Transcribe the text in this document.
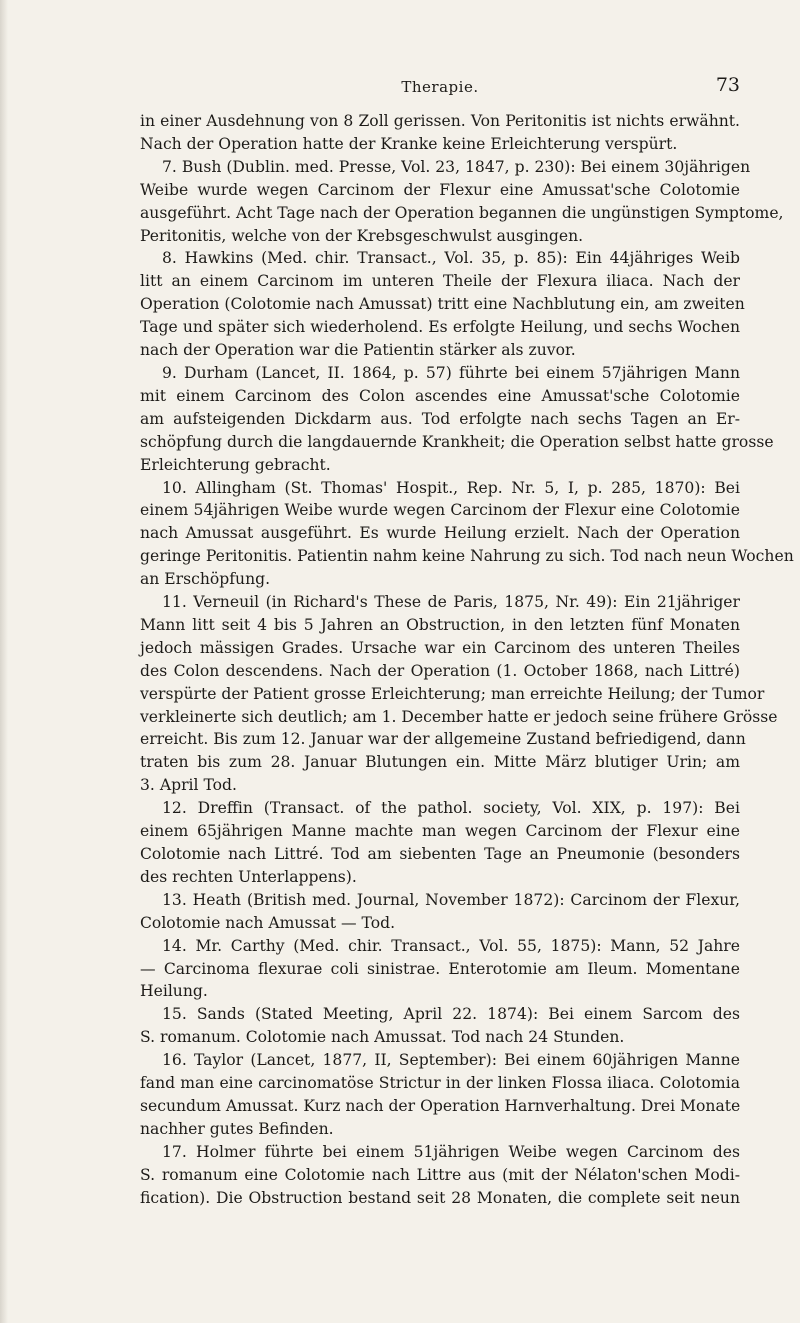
Therapie.	73
in einer Ausdehnung von 8 Zoll gerissen. Von Peritonitis ist nichts erwähnt.
Nach der Operation hatte der Kranke keine Erleichterung verspürt.
7. Bush (Dublin. med. Presse, Vol. 23, 1847, p. 230): Bei einem 30jährigen
Weibe wurde wegen Carcinom der Flexur eine Amussat'sche Colotomie
ausgeführt. Acht Tage nach der Operation begannen die ungünstigen Symptome,
Peritonitis, welche von der Krebsgeschwulst ausgingen.
8. Hawkins (Med. chir. Transact., Vol. 35, p. 85): Ein 44jähriges Weib
litt an einem Carcinom im unteren Theile der Flexura iliaca. Nach der
Operation (Colotomie nach Amussat) tritt eine Nachblutung ein, am zweiten
Tage und später sich wiederholend. Es erfolgte Heilung, und sechs Wochen
nach der Operation war die Patientin stärker als zuvor.
9. Durham (Lancet, II. 1864, p. 57) führte bei einem 57jährigen Mann
mit einem Carcinom des Colon ascendes eine Amussat'sche Colotomie
am aufsteigenden Dickdarm aus. Tod erfolgte nach sechs Tagen an Er-
schöpfung durch die langdauernde Krankheit; die Operation selbst hatte grosse
Erleichterung gebracht.
10. Allingham (St. Thomas' Hospit., Rep. Nr. 5, I, p. 285, 1870): Bei
einem 54jährigen Weibe wurde wegen Carcinom der Flexur eine Colotomie
nach Amussat ausgeführt. Es wurde Heilung erzielt. Nach der Operation
geringe Peritonitis. Patientin nahm keine Nahrung zu sich. Tod nach neun Wochen
an Erschöpfung.
11. Verneuil (in Richard's These de Paris, 1875, Nr. 49): Ein 21jähriger
Mann litt seit 4 bis 5 Jahren an Obstruction, in den letzten fünf Monaten
jedoch mässigen Grades. Ursache war ein Carcinom des unteren Theiles
des Colon descendens. Nach der Operation (1. October 1868, nach Littré)
verspürte der Patient grosse Erleichterung; man erreichte Heilung; der Tumor
verkleinerte sich deutlich; am 1. December hatte er jedoch seine frühere Grösse
erreicht. Bis zum 12. Januar war der allgemeine Zustand befriedigend, dann
traten bis zum 28. Januar Blutungen ein. Mitte März blutiger Urin; am
3. April Tod.
12. Dreffin (Transact. of the pathol. society, Vol. XIX, p. 197): Bei
einem 65jährigen Manne machte man wegen Carcinom der Flexur eine
Colotomie nach Littré. Tod am siebenten Tage an Pneumonie (besonders
des rechten Unterlappens).
13. Heath (British med. Journal, November 1872): Carcinom der Flexur,
Colotomie nach Amussat — Tod.
14. Mr. Carthy (Med. chir. Transact., Vol. 55, 1875): Mann, 52 Jahre
— Carcinoma flexurae coli sinistrae. Enterotomie am Ileum. Momentane
Heilung.
15. Sands (Stated Meeting, April 22. 1874): Bei einem Sarcom des
S. romanum. Colotomie nach Amussat. Tod nach 24 Stunden.
16. Taylor (Lancet, 1877, II, September): Bei einem 60jährigen Manne
fand man eine carcinomatöse Strictur in der linken Flossa iliaca. Colotomia
secundum Amussat. Kurz nach der Operation Harnverhaltung. Drei Monate
nachher gutes Befinden.
17. Holmer führte bei einem 51jährigen Weibe wegen Carcinom des
S. romanum eine Colotomie nach Littre aus (mit der Nélaton'schen Modi-
fication). Die Obstruction bestand seit 28 Monaten, die complete seit neun
